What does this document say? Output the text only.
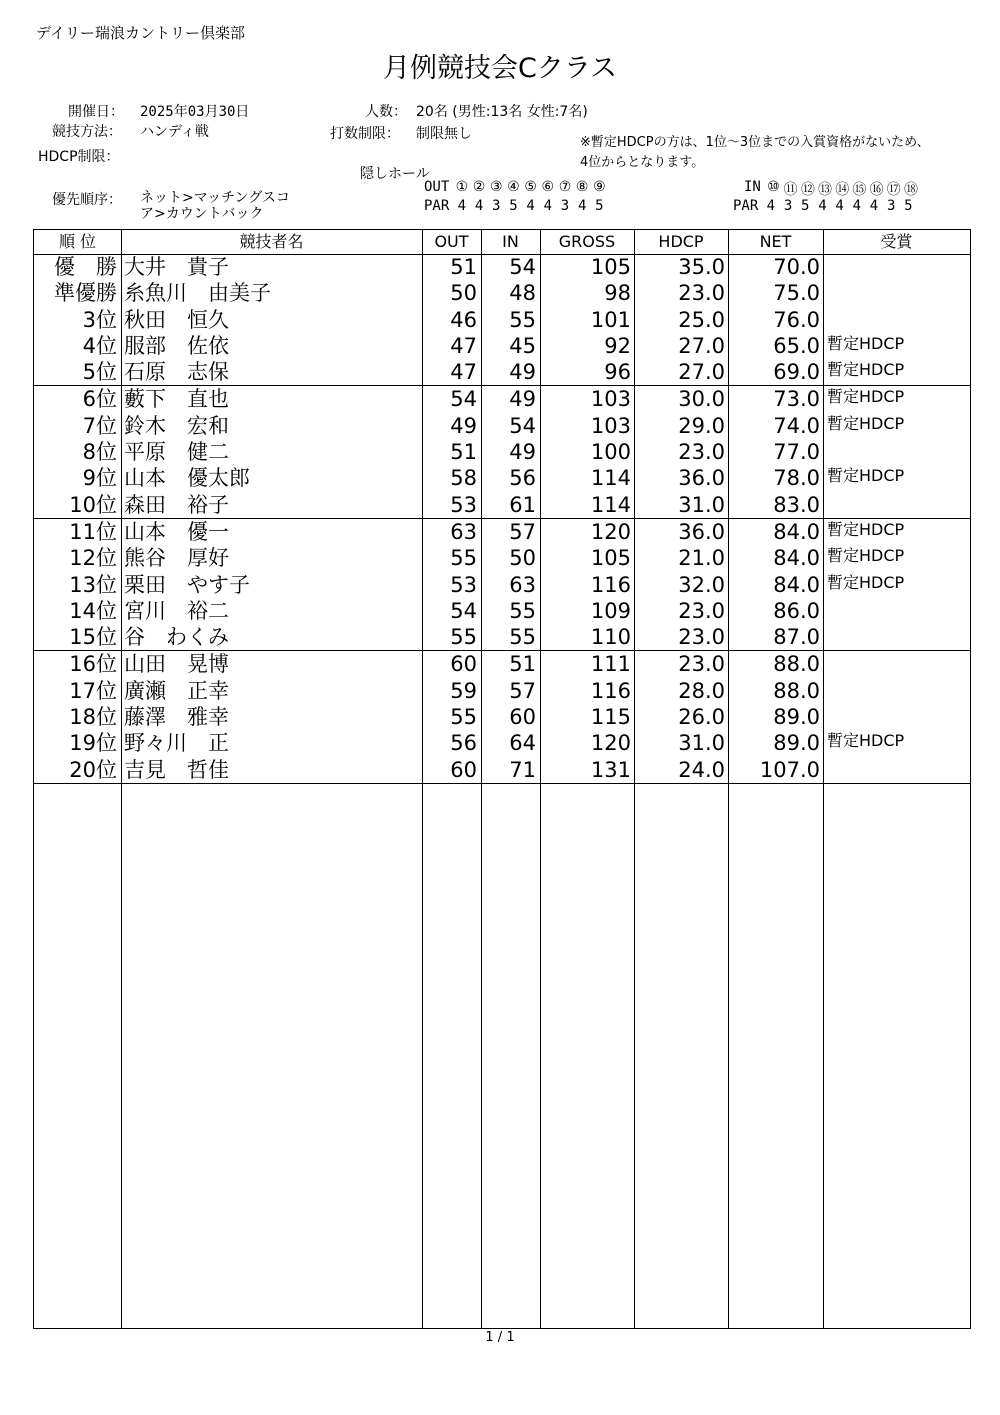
デイリー瑞浪カントリー倶楽部
月例競技会Cクラス
開催日： 2025年03月30日
競技方法： ハンディ戦
HDCP制限：
優先順序： ネット>マッチングスコ
ア>カウントバック
人数： 20名 (男性:13名 女性:7名)
打数制限： 制限無し
隠しホール
※暫定HDCPの方は、1位～3位までの入賞資格がないため、
4位からとなります。
OUT ① ② ③ ④ ⑤ ⑥ ⑦ ⑧ ⑨
PAR 4 4 3 5 4 4 3 4 5
IN ⑩ ⑪ ⑫ ⑬ ⑭ ⑮ ⑯ ⑰ ⑱
PAR 4 3 5 4 4 4 4 3 5
順 位	競技者名	OUT	IN	GROSS	HDCP	NET	受賞
優　勝 大井　貴子	51	54	105	35.0	70.0
準優勝 糸魚川　由美子	50	48	98	23.0	75.0
3位 秋田　恒久	46	55	101	25.0	76.0
4位 服部　佐依	47	45	92	27.0	65.0 暫定HDCP
5位 石原　志保	47	49	96	27.0	69.0 暫定HDCP
6位 藪下　直也	54	49	103	30.0	73.0 暫定HDCP
7位 鈴木　宏和	49	54	103	29.0	74.0 暫定HDCP
8位 平原　健二	51	49	100	23.0	77.0
9位 山本　優太郎	58	56	114	36.0	78.0 暫定HDCP
10位 森田　裕子	53	61	114	31.0	83.0
11位 山本　優一	63	57	120	36.0	84.0 暫定HDCP
12位 熊谷　厚好	55	50	105	21.0	84.0 暫定HDCP
13位 栗田　やす子	53	63	116	32.0	84.0 暫定HDCP
14位 宮川　裕二	54	55	109	23.0	86.0
15位 谷　わくみ	55	55	110	23.0	87.0
16位 山田　晃博	60	51	111	23.0	88.0
17位 廣瀬　正幸	59	57	116	28.0	88.0
18位 藤澤　雅幸	55	60	115	26.0	89.0
19位 野々川　正	56	64	120	31.0	89.0 暫定HDCP
20位 吉見　哲佳	60	71	131	24.0	107.0
1 / 1
